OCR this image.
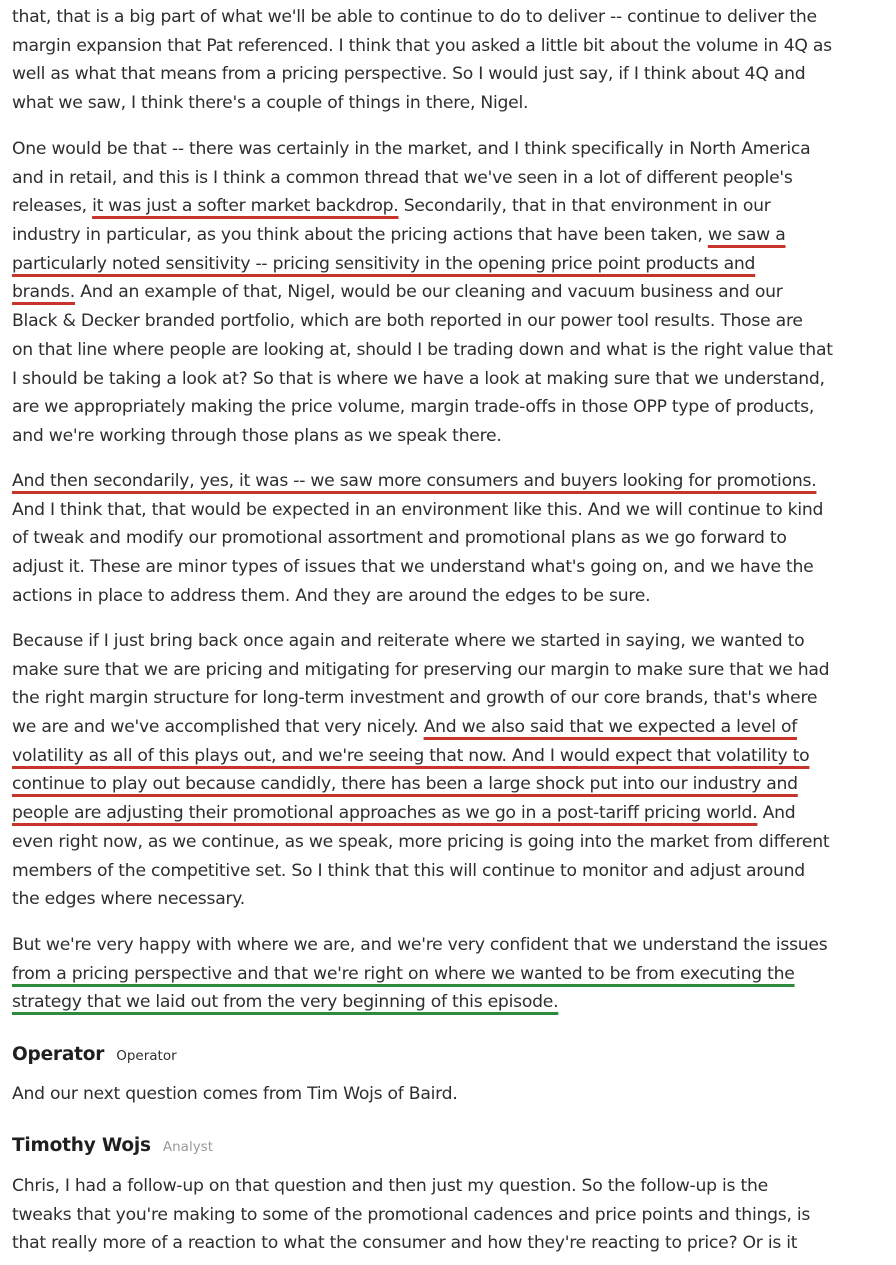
that, that is a big part of what we'll be able to continue to do to deliver -- continue to deliver the
margin expansion that Pat referenced. I think that you asked a little bit about the volume in 4Q as
well as what that means from a pricing perspective. So I would just say, if I think about 4Q and
what we saw, I think there's a couple of things in there, Nigel.
One would be that -- there was certainly in the market, and I think specifically in North America
and in retail, and this is I think a common thread that we've seen in a lot of different people's
releases, it was just a softer market backdrop. Secondarily, that in that environment in our
industry in particular, as you think about the pricing actions that have been taken, we saw a
particularly noted sensitivity -- pricing sensitivity in the opening price point products and
brands. And an example of that, Nigel, would be our cleaning and vacuum business and our
Black & Decker branded portfolio, which are both reported in our power tool results. Those are
on that line where people are looking at, should I be trading down and what is the right value that
I should be taking a look at? So that is where we have a look at making sure that we understand,
are we appropriately making the price volume, margin trade-offs in those OPP type of products,
and we're working through those plans as we speak there.
And then secondarily, yes, it was -- we saw more consumers and buyers looking for promotions.
And I think that, that would be expected in an environment like this. And we will continue to kind
of tweak and modify our promotional assortment and promotional plans as we go forward to
adjust it. These are minor types of issues that we understand what's going on, and we have the
actions in place to address them. And they are around the edges to be sure.
Because if I just bring back once again and reiterate where we started in saying, we wanted to
make sure that we are pricing and mitigating for preserving our margin to make sure that we had
the right margin structure for long-term investment and growth of our core brands, that's where
we are and we've accomplished that very nicely. And we also said that we expected a level of
volatility as all of this plays out, and we're seeing that now. And I would expect that volatility to
continue to play out because candidly, there has been a large shock put into our industry and
people are adjusting their promotional approaches as we go in a post-tariff pricing world. And
even right now, as we continue, as we speak, more pricing is going into the market from different
members of the competitive set. So I think that this will continue to monitor and adjust around
the edges where necessary.
But we're very happy with where we are, and we're very confident that we understand the issues
from a pricing perspective and that we're right on where we wanted to be from executing the
strategy that we laid out from the very beginning of this episode.
Operator Operator
And our next question comes from Tim Wojs of Baird.
Timothy Wojs Analyst
Chris, I had a follow-up on that question and then just my question. So the follow-up is the
tweaks that you're making to some of the promotional cadences and price points and things, is
that really more of a reaction to what the consumer and how they're reacting to price? Or is it
